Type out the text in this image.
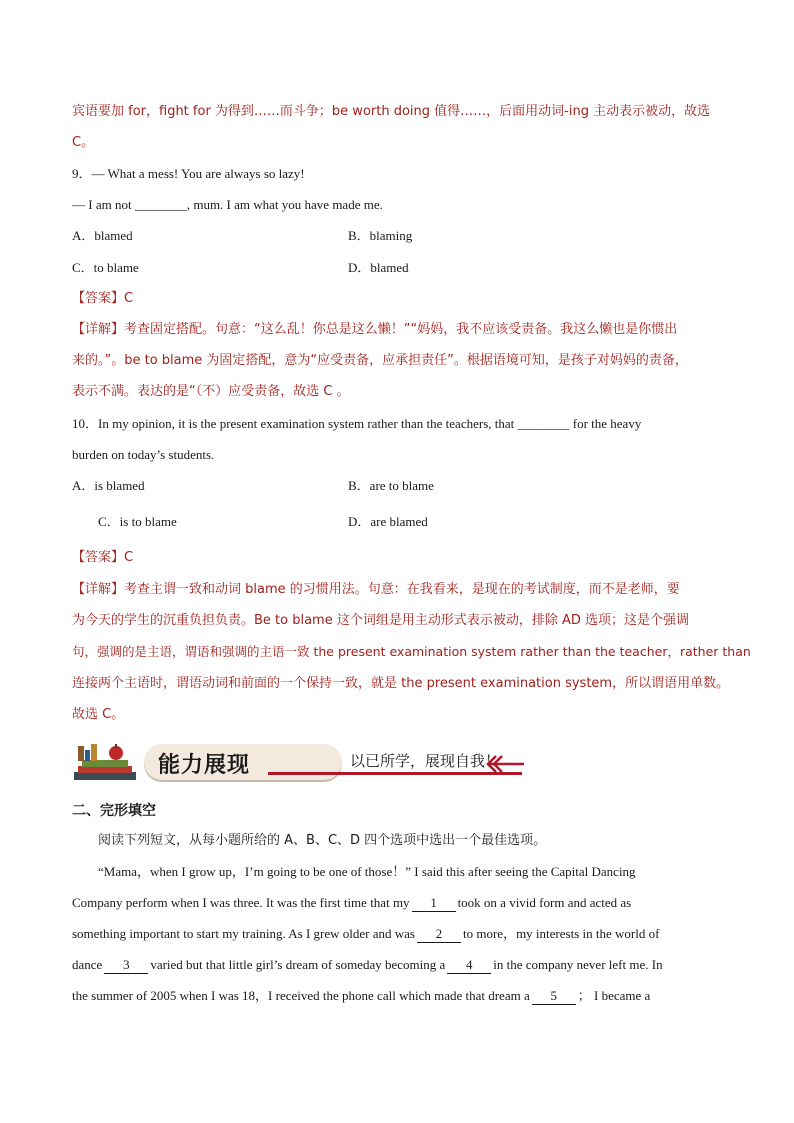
宾语要加 for，fight for 为得到……而斗争；be worth doing 值得……，后面用动词-ing 主动表示被动，故选
C。
9．— What a mess! You are always so lazy!
— I am not ________, mum. I am what you have made me.
A．blamed	B．blaming
C．to blame	D．blamed
【答案】C
【详解】考查固定搭配。句意：“这么乱！你总是这么懒！”“妈妈，我不应该受责备。我这么懒也是你惯出
来的。”。be to blame 为固定搭配，意为“应受责备，应承担责任”。根据语境可知，是孩子对妈妈的责备，
表示不满。表达的是“（不）应受责备，故选 C 。
10．In my opinion, it is the present examination system rather than the teachers, that ________ for the heavy
burden on today’s students.
A．is blamed	B．are to blame
C．is to blame	D．are blamed
【答案】C
【详解】考查主谓一致和动词 blame 的习惯用法。句意：在我看来，是现在的考试制度，而不是老师，要
为今天的学生的沉重负担负责。Be to blame 这个词组是用主动形式表示被动，排除 AD 选项；这是个强调
句，强调的是主语，谓语和强调的主语一致 the present examination system rather than the teacher，rather than
连接两个主语时，谓语动词和前面的一个保持一致，就是 the present examination system，所以谓语用单数。
故选 C。
能力展现	以已所学，展现自我！
二、完形填空
阅读下列短文，从每小题所给的 A、B、C、D 四个选项中选出一个最佳选项。
“Mama，when I grow up，I’m going to be one of those！” I said this after seeing the Capital Dancing
Company perform when I was three. It was the first time that my 1 took on a vivid form and acted as
something important to start my training. As I grew older and was 2 to more，my interests in the world of
dance 3 varied but that little girl’s dream of someday becoming a 4 in the company never left me. In
the summer of 2005 when I was 18，I received the phone call which made that dream a 5 ； I became a
